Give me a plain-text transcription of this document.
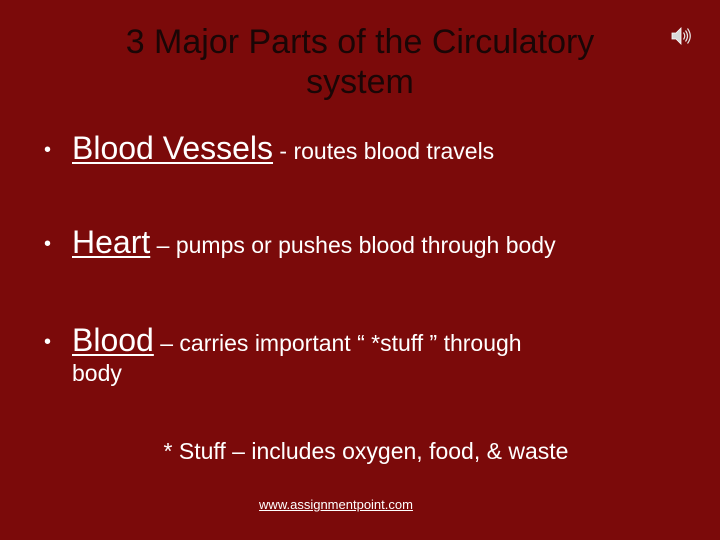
3 Major Parts of the Circulatory
system
• Blood Vessels - routes blood travels
• Heart – pumps or pushes blood through body
• Blood – carries important “ *stuff ” through
body
* Stuff – includes oxygen, food, & waste
www.assignmentpoint.com
